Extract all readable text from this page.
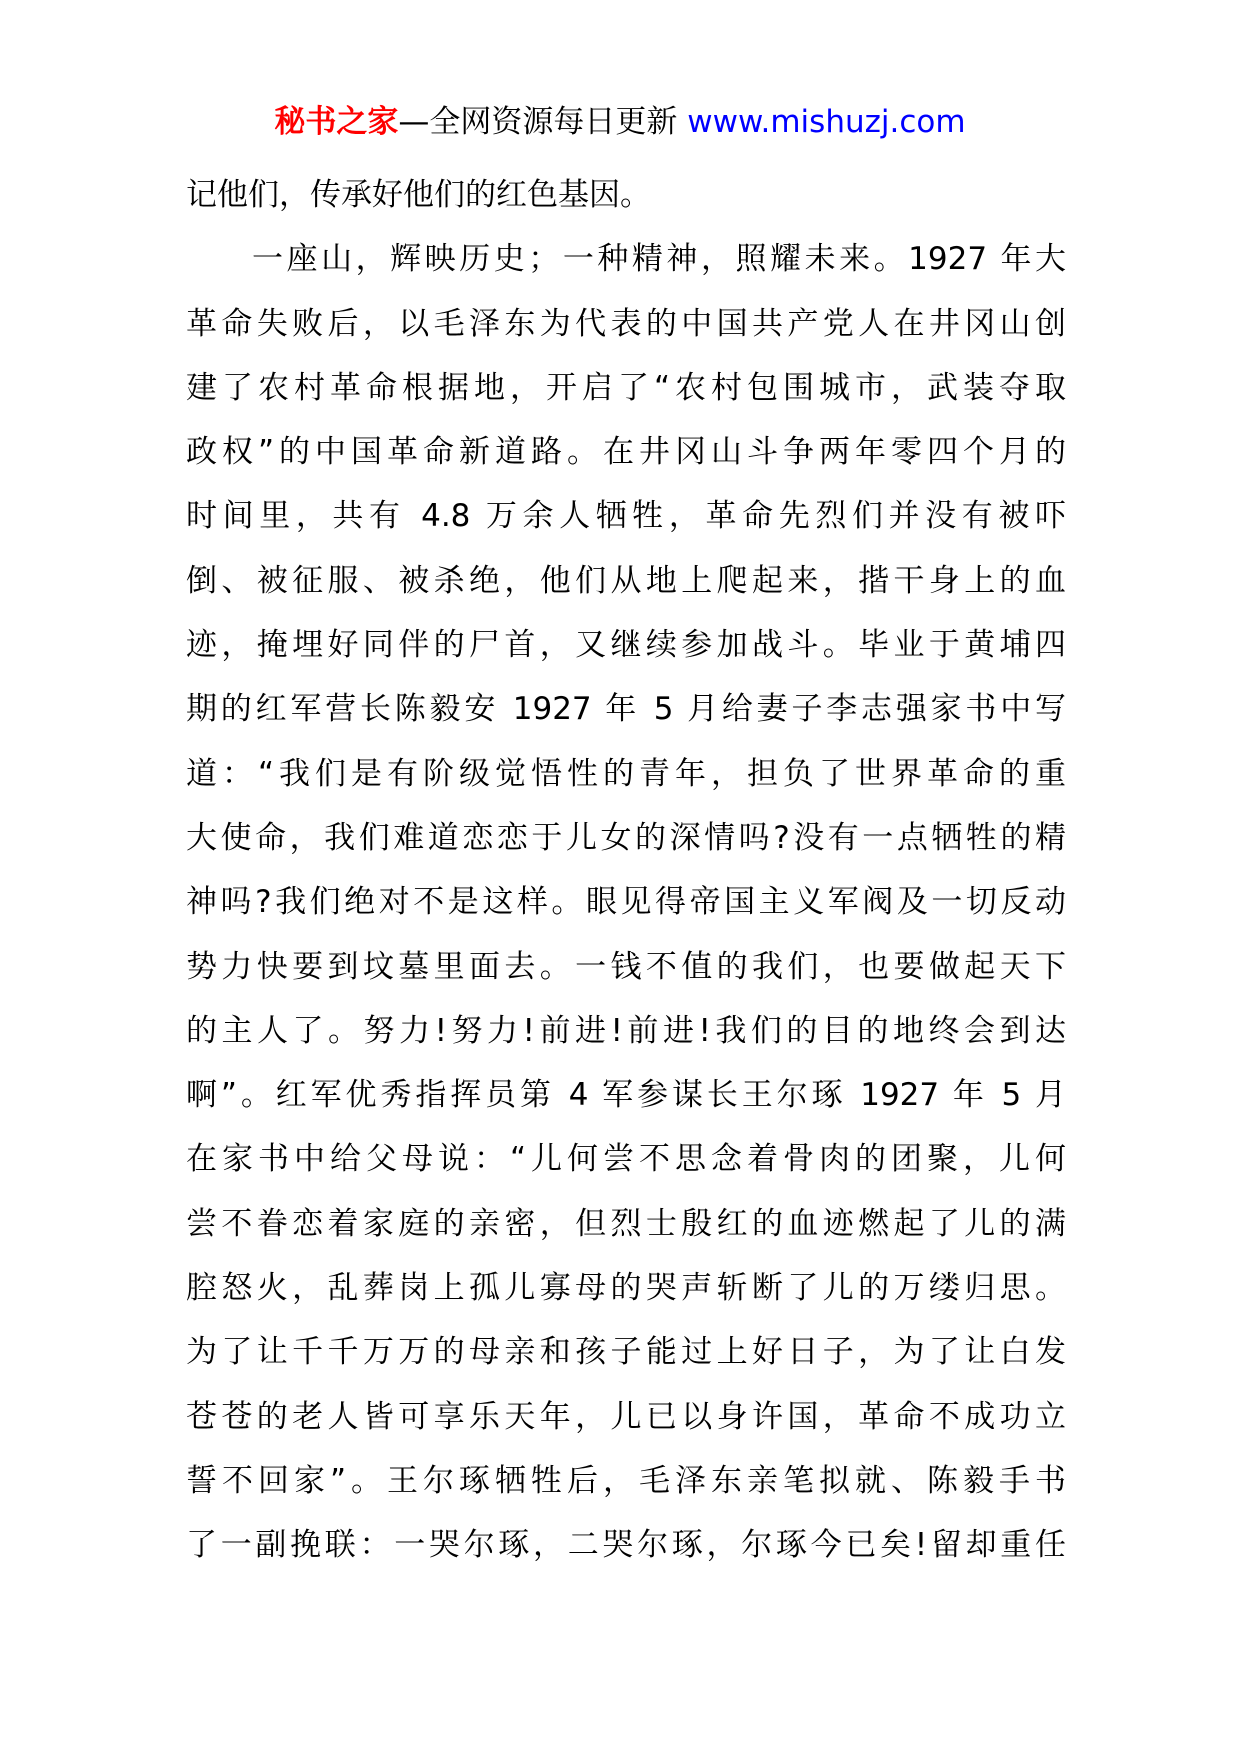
秘书之家—全网资源每日更新 www.mishuzj.com
记他们，传承好他们的红色基因。
一座山，辉映历史；一种精神，照耀未来。1927 年大
革命失败后，以毛泽东为代表的中国共产党人在井冈山创
建了农村革命根据地，开启了“农村包围城市，武装夺取
政权”的中国革命新道路。在井冈山斗争两年零四个月的
时间里，共有 4.8 万余人牺牲，革命先烈们并没有被吓
倒、被征服、被杀绝，他们从地上爬起来，揩干身上的血
迹，掩埋好同伴的尸首，又继续参加战斗。毕业于黄埔四
期的红军营长陈毅安 1927 年 5 月给妻子李志强家书中写
道：“我们是有阶级觉悟性的青年，担负了世界革命的重
大使命，我们难道恋恋于儿女的深情吗?没有一点牺牲的精
神吗?我们绝对不是这样。眼见得帝国主义军阀及一切反动
势力快要到坟墓里面去。一钱不值的我们，也要做起天下
的主人了。努力!努力!前进!前进!我们的目的地终会到达
啊”。红军优秀指挥员第 4 军参谋长王尔琢 1927 年 5 月
在家书中给父母说：“儿何尝不思念着骨肉的团聚，儿何
尝不眷恋着家庭的亲密，但烈士殷红的血迹燃起了儿的满
腔怒火，乱葬岗上孤儿寡母的哭声斩断了儿的万缕归思。
为了让千千万万的母亲和孩子能过上好日子，为了让白发
苍苍的老人皆可享乐天年，儿已以身许国，革命不成功立
誓不回家”。王尔琢牺牲后，毛泽东亲笔拟就、陈毅手书
了一副挽联：一哭尔琢，二哭尔琢，尔琢今已矣!留却重任
